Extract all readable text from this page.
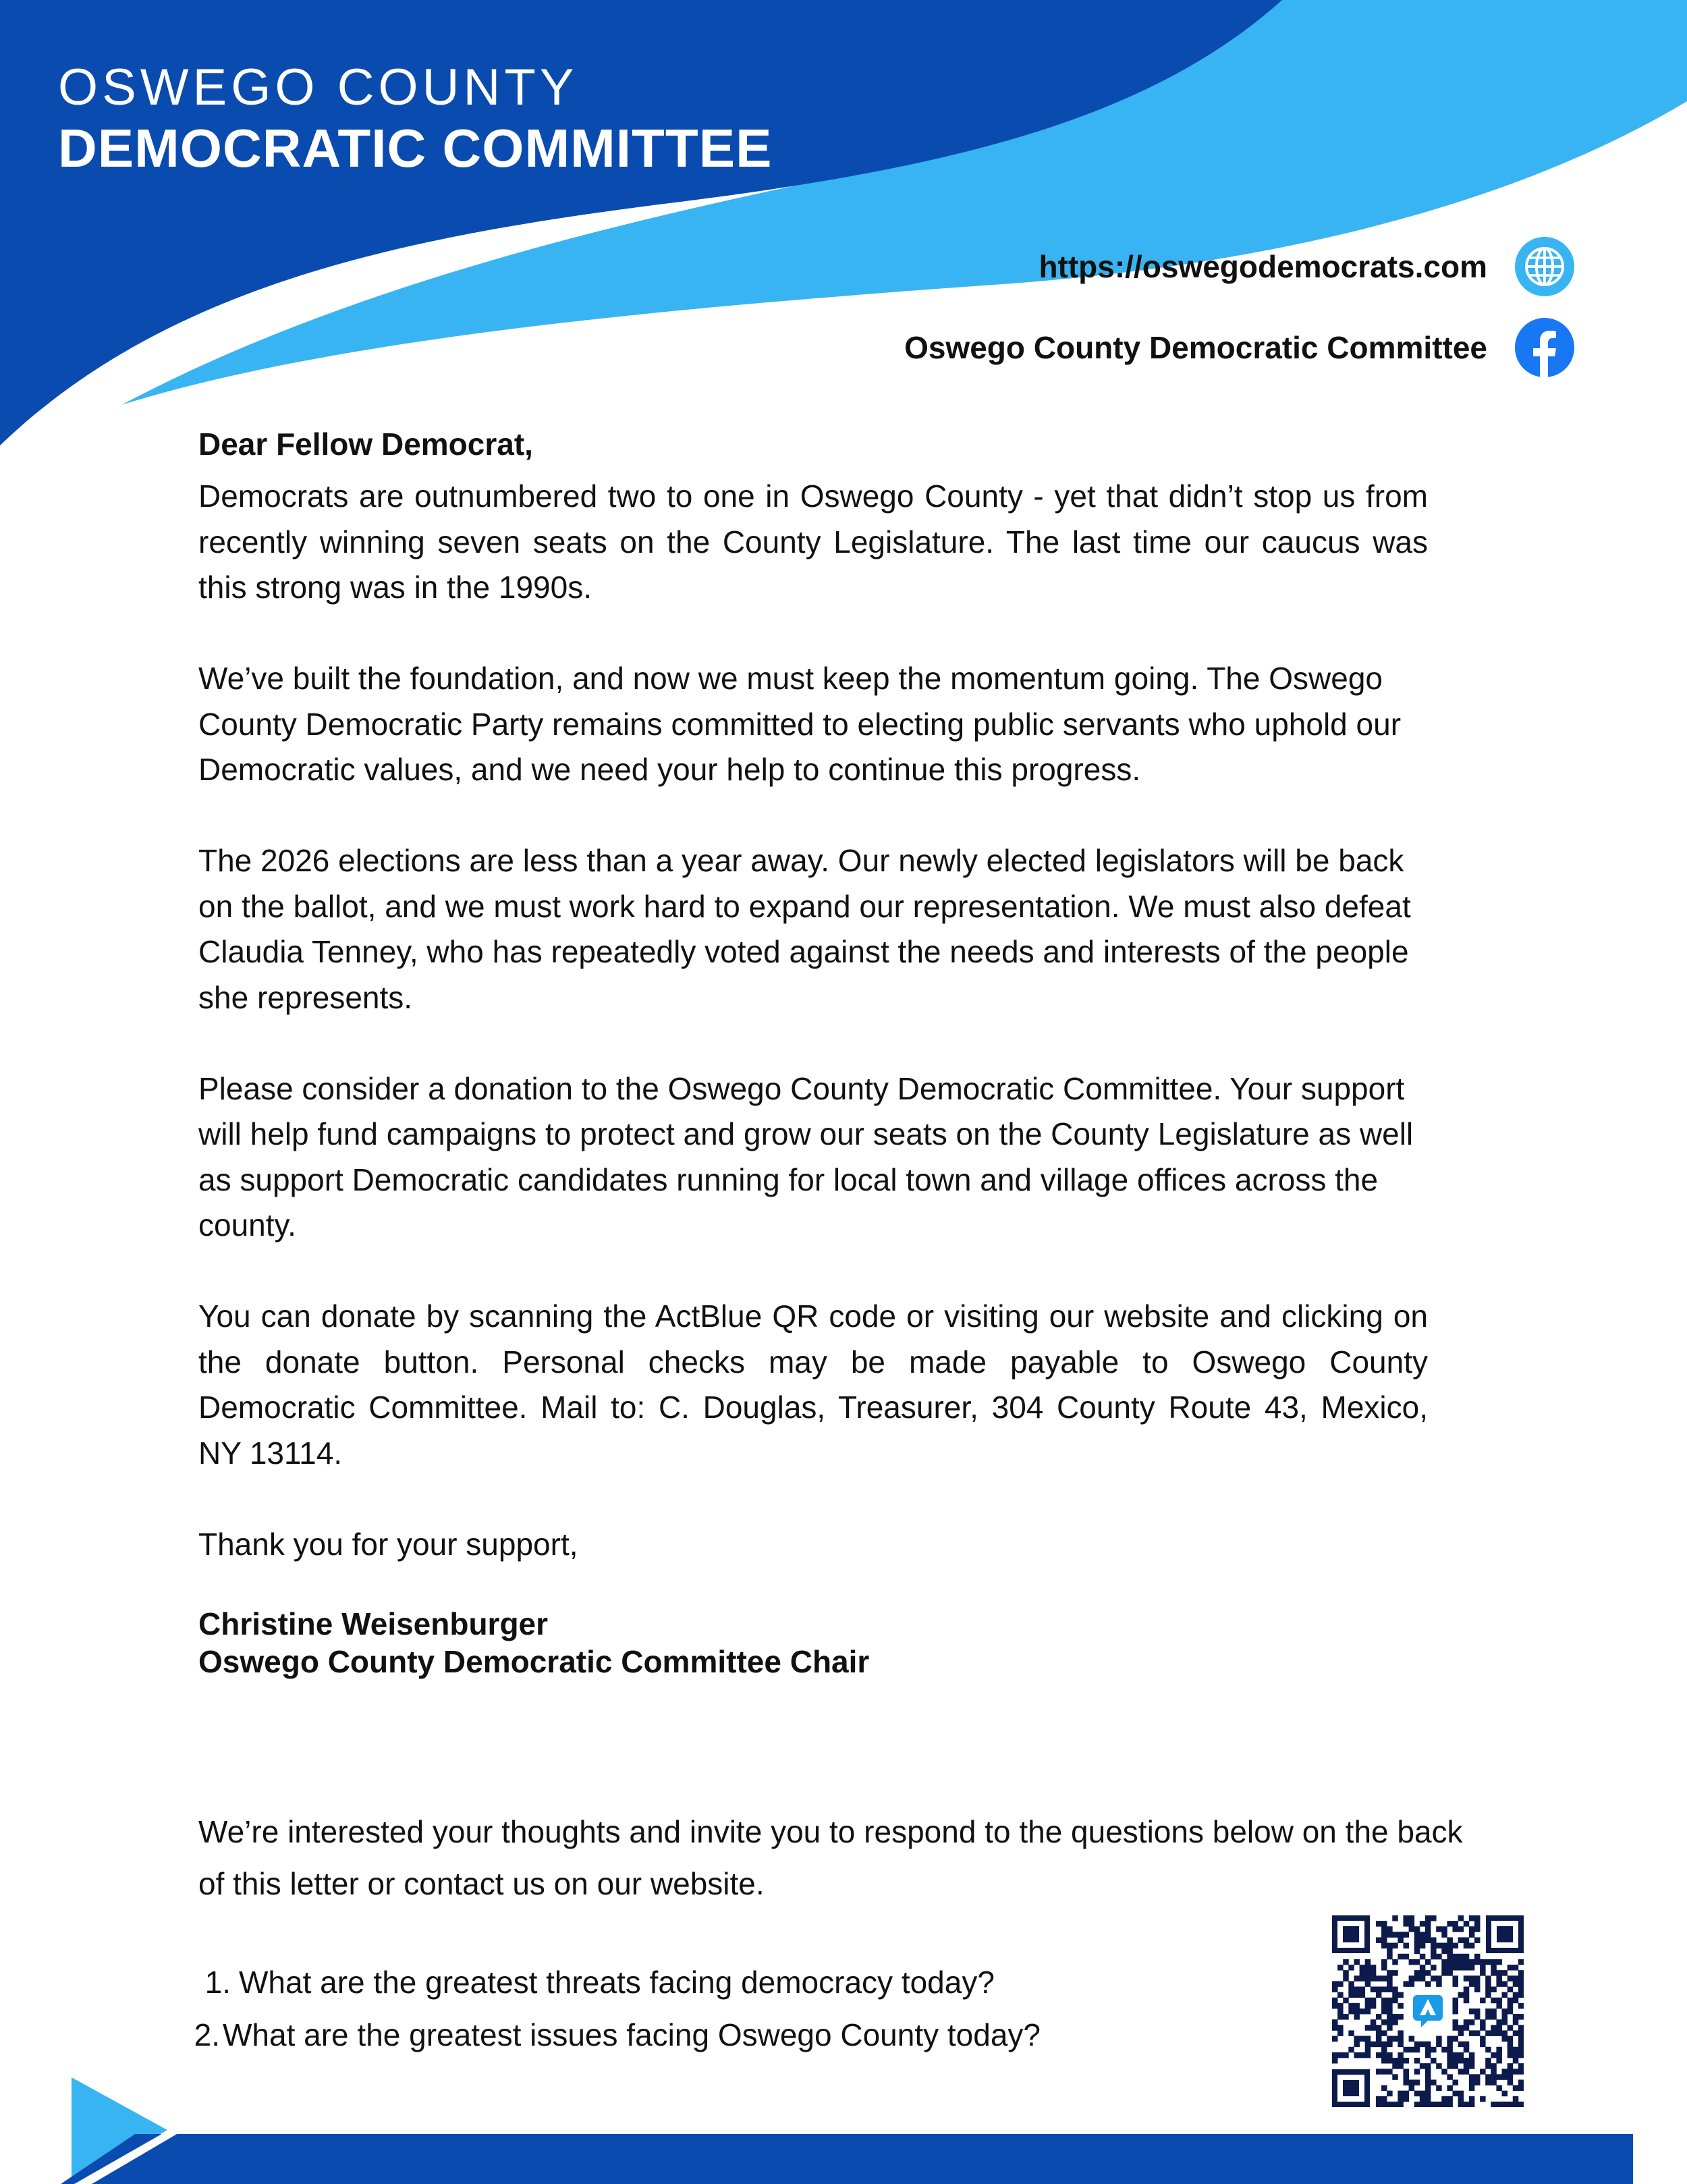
OSWEGO COUNTY
DEMOCRATIC COMMITTEE
https://oswegodemocrats.com
Oswego County Democratic Committee

Dear Fellow Democrat,

Democrats are outnumbered two to one in Oswego County - yet that didn’t stop us from recently winning seven seats on the County Legislature. The last time our caucus was this strong was in the 1990s.

We’ve built the foundation, and now we must keep the momentum going. The Oswego County Democratic Party remains committed to electing public servants who uphold our Democratic values, and we need your help to continue this progress.

The 2026 elections are less than a year away. Our newly elected legislators will be back on the ballot, and we must work hard to expand our representation. We must also defeat Claudia Tenney, who has repeatedly voted against the needs and interests of the people she represents.

Please consider a donation to the Oswego County Democratic Committee. Your support will help fund campaigns to protect and grow our seats on the County Legislature as well as support Democratic candidates running for local town and village offices across the county.

You can donate by scanning the ActBlue QR code or visiting our website and clicking on the donate button. Personal checks may be made payable to Oswego County Democratic Committee. Mail to: C. Douglas, Treasurer, 304 County Route 43, Mexico, NY 13114.

Thank you for your support,

Christine Weisenburger

Oswego County Democratic Committee Chair

We’re interested your thoughts and invite you to respond to the questions below on the back of this letter or contact us on our website.

1. What are the greatest threats facing democracy today?
2. What are the greatest issues facing Oswego County today?
